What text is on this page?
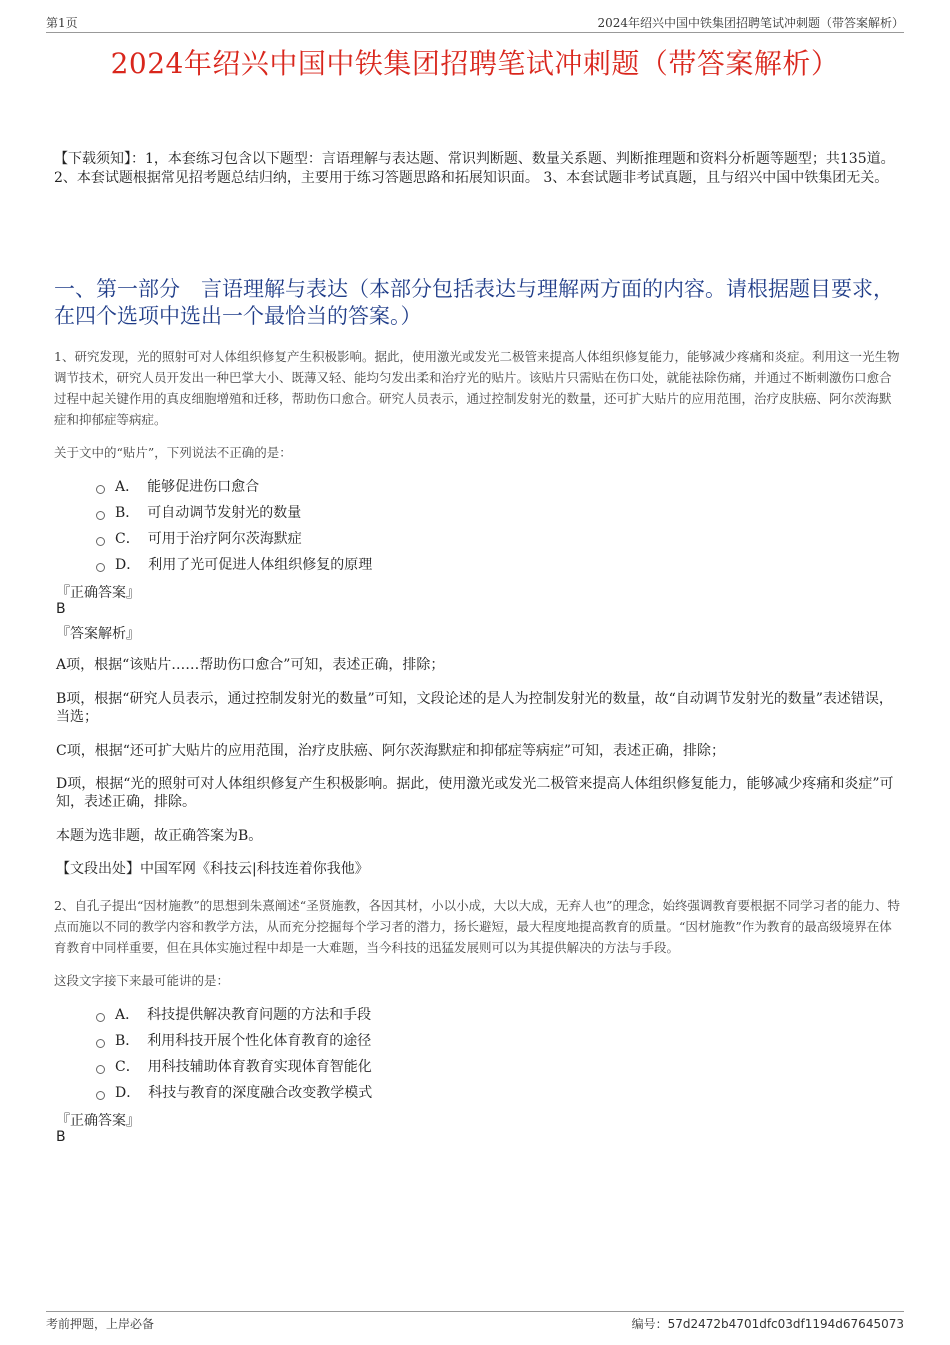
第1页	2024年绍兴中国中铁集团招聘笔试冲刺题（带答案解析）
2024年绍兴中国中铁集团招聘笔试冲刺题（带答案解析）
【下载须知】：1，本套练习包含以下题型：言语理解与表达题、常识判断题、数量关系题、判断推理题和资料分析题等题型；共135道。 2、本套试题根据常见招考题总结归纳，主要用于练习答题思路和拓展知识面。 3、本套试题非考试真题，且与绍兴中国中铁集团无关。
一、第一部分　言语理解与表达（本部分包括表达与理解两方面的内容。请根据题目要求，在四个选项中选出一个最恰当的答案。）
1、研究发现，光的照射可对人体组织修复产生积极影响。据此，使用激光或发光二极管来提高人体组织修复能力，能够减少疼痛和炎症。利用这一光生物调节技术，研究人员开发出一种巴掌大小、既薄又轻、能均匀发出柔和治疗光的贴片。该贴片只需贴在伤口处，就能祛除伤痛，并通过不断刺激伤口愈合过程中起关键作用的真皮细胞增殖和迁移，帮助伤口愈合。研究人员表示，通过控制发射光的数量，还可扩大贴片的应用范围，治疗皮肤癌、阿尔茨海默症和抑郁症等病症。
关于文中的“贴片”，下列说法不正确的是：
A． 能够促进伤口愈合
B． 可自动调节发射光的数量
C． 可用于治疗阿尔茨海默症
D． 利用了光可促进人体组织修复的原理
『正确答案』
B
『答案解析』
A项，根据“该贴片……帮助伤口愈合”可知，表述正确，排除；
B项，根据“研究人员表示，通过控制发射光的数量”可知，文段论述的是人为控制发射光的数量，故“自动调节发射光的数量”表述错误，当选；
C项，根据“还可扩大贴片的应用范围，治疗皮肤癌、阿尔茨海默症和抑郁症等病症”可知，表述正确，排除；
D项，根据“光的照射可对人体组织修复产生积极影响。据此，使用激光或发光二极管来提高人体组织修复能力，能够减少疼痛和炎症”可知，表述正确，排除。
本题为选非题，故正确答案为B。
【文段出处】中国军网《科技云|科技连着你我他》
2、自孔子提出“因材施教”的思想到朱熹阐述“圣贤施教，各因其材，小以小成，大以大成，无弃人也”的理念，始终强调教育要根据不同学习者的能力、特点而施以不同的教学内容和教学方法，从而充分挖掘每个学习者的潜力，扬长避短，最大程度地提高教育的质量。“因材施教”作为教育的最高级境界在体育教育中同样重要，但在具体实施过程中却是一大难题，当今科技的迅猛发展则可以为其提供解决的方法与手段。
这段文字接下来最可能讲的是：
A． 科技提供解决教育问题的方法和手段
B． 利用科技开展个性化体育教育的途径
C． 用科技辅助体育教育实现体育智能化
D． 科技与教育的深度融合改变教学模式
『正确答案』
B
考前押题，上岸必备	编号：57d2472b4701dfc03df1194d67645073
